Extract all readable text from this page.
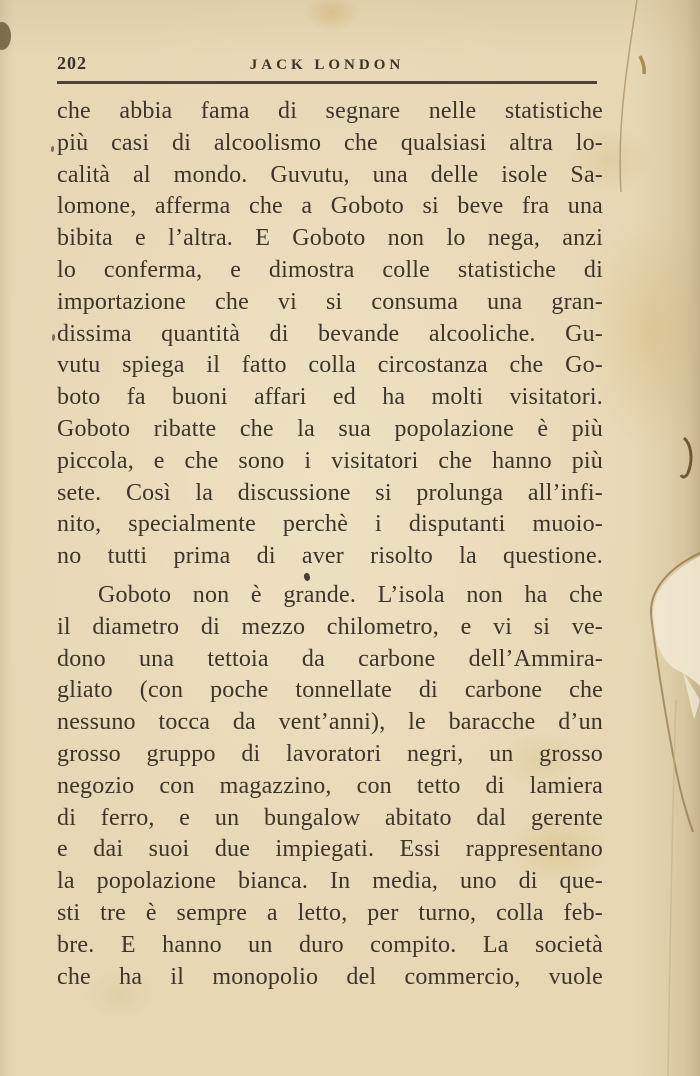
202	JACK LONDON
che abbia fama di segnare nelle statistiche
più casi di alcoolismo che qualsiasi altra lo-
calità al mondo. Guvutu, una delle isole Sa-
lomone, afferma che a Goboto si beve fra una
bibita e l’altra. E Goboto non lo nega, anzi
lo conferma, e dimostra colle statistiche di
importazione che vi si consuma una gran-
dissima quantità di bevande alcooliche. Gu-
vutu spiega il fatto colla circostanza che Go-
boto fa buoni affari ed ha molti visitatori.
Goboto ribatte che la sua popolazione è più
piccola, e che sono i visitatori che hanno più
sete. Così la discussione si prolunga all’infi-
nito, specialmente perchè i disputanti muoio-
no tutti prima di aver risolto la questione.
Goboto non è grande. L’isola non ha che
il diametro di mezzo chilometro, e vi si ve-
dono una tettoia da carbone dell’Ammira-
gliato (con poche tonnellate di carbone che
nessuno tocca da vent’anni), le baracche d’un
grosso gruppo di lavoratori negri, un grosso
negozio con magazzino, con tetto di lamiera
di ferro, e un bungalow abitato dal gerente
e dai suoi due impiegati. Essi rappresentano
la popolazione bianca. In media, uno di que-
sti tre è sempre a letto, per turno, colla feb-
bre. E hanno un duro compito. La società
che ha il monopolio del commercio, vuole
